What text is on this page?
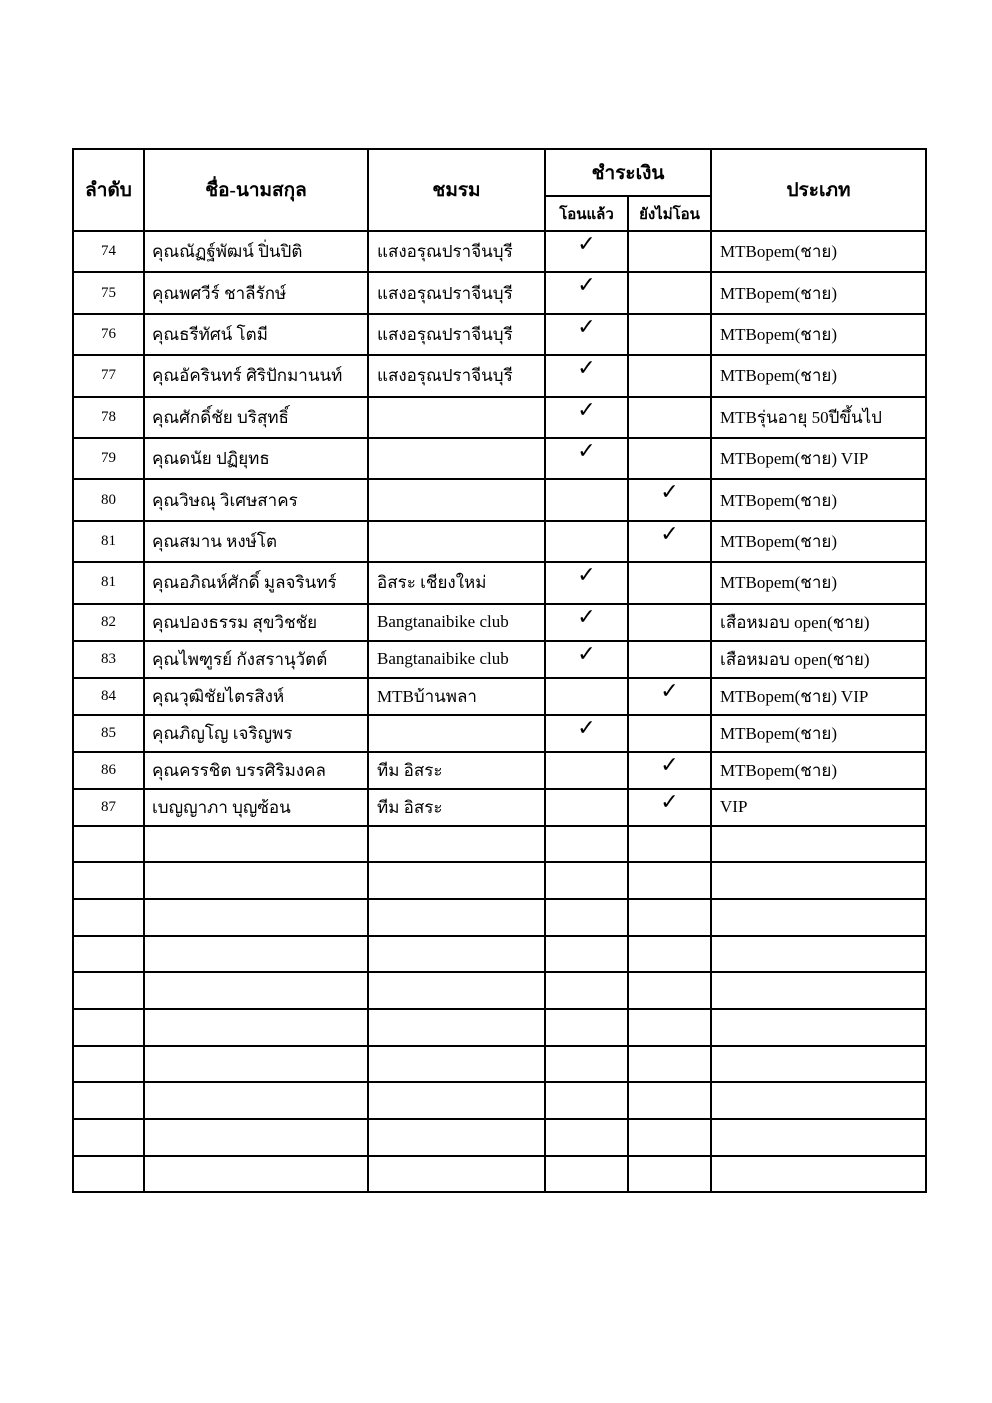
ลำดับ	ชื่อ-นามสกุล	ชมรม	ชำระเงิน		ประเภท
			โอนแล้ว	ยังไม่โอน	
74	คุณณัฏฐ์พัฒน์ ปิ่นปิติ	แสงอรุณปราจีนบุรี	✓		MTBopem(ชาย)
75	คุณพศวีร์ ชาลีรักษ์	แสงอรุณปราจีนบุรี	✓		MTBopem(ชาย)
76	คุณธรีทัศน์ โตมี	แสงอรุณปราจีนบุรี	✓		MTBopem(ชาย)
77	คุณอัครินทร์ ศิริปักมานนท์	แสงอรุณปราจีนบุรี	✓		MTBopem(ชาย)
78	คุณศักดิ์ชัย บริสุทธิ์		✓		MTBรุ่นอายุ 50ปีขึ้นไป
79	คุณดนัย ปฏิยุทธ		✓		MTBopem(ชาย) VIP
80	คุณวิษณุ วิเศษสาคร			✓	MTBopem(ชาย)
81	คุณสมาน หงษ์โต			✓	MTBopem(ชาย)
81	คุณอภิณห์ศักดิ์ มูลจรินทร์	อิสระ เชียงใหม่	✓		MTBopem(ชาย)
82	คุณปองธรรม สุขวิชชัย	Bangtanaibike club	✓		เสือหมอบ open(ชาย)
83	คุณไพฑูรย์ กังสรานุวัตต์	Bangtanaibike club	✓		เสือหมอบ open(ชาย)
84	คุณวุฒิชัยไตรสิงห์	MTBบ้านพลา		✓	MTBopem(ชาย) VIP
85	คุณภิญโญ เจริญพร		✓		MTBopem(ชาย)
86	คุณครรชิต บรรศิริมงคล	ทีม อิสระ		✓	MTBopem(ชาย)
87	เบญญาภา บุญซ้อน	ทีม อิสระ		✓	VIP
